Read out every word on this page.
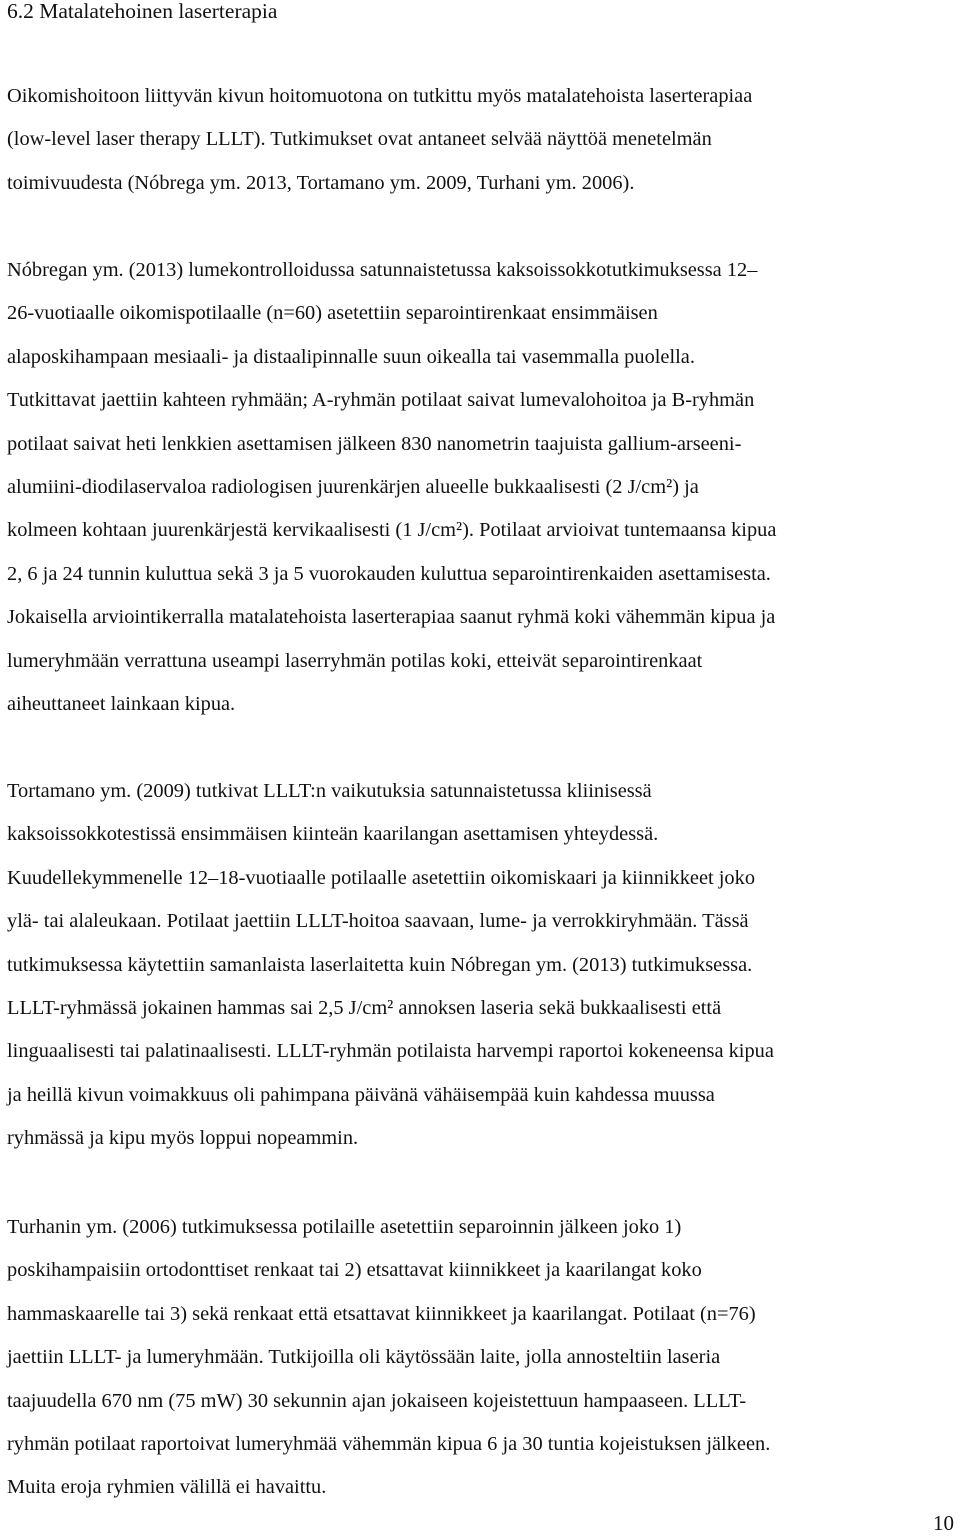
6.2 Matalatehoinen laserterapia
Oikomishoitoon liittyvän kivun hoitomuotona on tutkittu myös matalatehoista laserterapiaa
(low-level laser therapy LLLT). Tutkimukset ovat antaneet selvää näyttöä menetelmän
toimivuudesta (Nóbrega ym. 2013, Tortamano ym. 2009, Turhani ym. 2006).
Nóbregan ym. (2013) lumekontrolloidussa satunnaistetussa kaksoissokkotutkimuksessa 12–
26-vuotiaalle oikomispotilaalle (n=60) asetettiin separointirenkaat ensimmäisen
alaposkihampaan mesiaali- ja distaalipinnalle suun oikealla tai vasemmalla puolella.
Tutkittavat jaettiin kahteen ryhmään; A-ryhmän potilaat saivat lumevalohoitoa ja B-ryhmän
potilaat saivat heti lenkkien asettamisen jälkeen 830 nanometrin taajuista gallium-arseeni-
alumiini-diodilaservaloa radiologisen juurenkärjen alueelle bukkaalisesti (2 J/cm²) ja
kolmeen kohtaan juurenkärjestä kervikaalisesti (1 J/cm²). Potilaat arvioivat tuntemaansa kipua
2, 6 ja 24 tunnin kuluttua sekä 3 ja 5 vuorokauden kuluttua separointirenkaiden asettamisesta.
Jokaisella arviointikerralla matalatehoista laserterapiaa saanut ryhmä koki vähemmän kipua ja
lumeryhmään verrattuna useampi laserryhmän potilas koki, etteivät separointirenkaat
aiheuttaneet lainkaan kipua.
Tortamano ym. (2009) tutkivat LLLT:n vaikutuksia satunnaistetussa kliinisessä
kaksoissokkotestissä ensimmäisen kiinteän kaarilangan asettamisen yhteydessä.
Kuudellekymmenelle 12–18-vuotiaalle potilaalle asetettiin oikomiskaari ja kiinnikkeet joko
ylä- tai alaleukaan. Potilaat jaettiin LLLT-hoitoa saavaan, lume- ja verrokkiryhmään. Tässä
tutkimuksessa käytettiin samanlaista laserlaitetta kuin Nóbregan ym. (2013) tutkimuksessa.
LLLT-ryhmässä jokainen hammas sai 2,5 J/cm² annoksen laseria sekä bukkaalisesti että
linguaalisesti tai palatinaalisesti. LLLT-ryhmän potilaista harvempi raportoi kokeneensa kipua
ja heillä kivun voimakkuus oli pahimpana päivänä vähäisempää kuin kahdessa muussa
ryhmässä ja kipu myös loppui nopeammin.
Turhanin ym. (2006) tutkimuksessa potilaille asetettiin separoinnin jälkeen joko 1)
poskihampaisiin ortodonttiset renkaat tai 2) etsattavat kiinnikkeet ja kaarilangat koko
hammaskaarelle tai 3) sekä renkaat että etsattavat kiinnikkeet ja kaarilangat. Potilaat (n=76)
jaettiin LLLT- ja lumeryhmään. Tutkijoilla oli käytössään laite, jolla annosteltiin laseria
taajuudella 670 nm (75 mW) 30 sekunnin ajan jokaiseen kojeistettuun hampaaseen. LLLT-
ryhmän potilaat raportoivat lumeryhmää vähemmän kipua 6 ja 30 tuntia kojeistuksen jälkeen.
Muita eroja ryhmien välillä ei havaittu.
10
